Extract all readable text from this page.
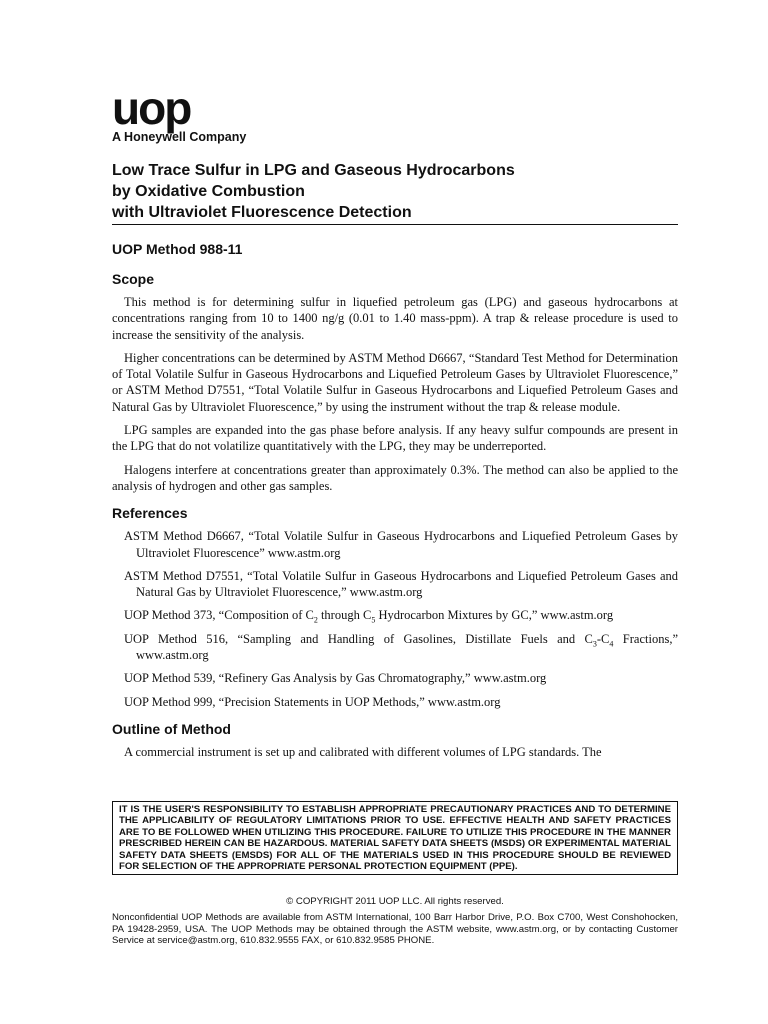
uop
A Honeywell Company
Low Trace Sulfur in LPG and Gaseous Hydrocarbons
by Oxidative Combustion
with Ultraviolet Fluorescence Detection
UOP Method 988-11
Scope

This method is for determining sulfur in liquefied petroleum gas (LPG) and gaseous hydrocarbons at concentrations ranging from 10 to 1400 ng/g (0.01 to 1.40 mass-ppm). A trap & release procedure is used to increase the sensitivity of the analysis.

Higher concentrations can be determined by ASTM Method D6667, “Standard Test Method for Determination of Total Volatile Sulfur in Gaseous Hydrocarbons and Liquefied Petroleum Gases by Ultraviolet Fluorescence,” or ASTM Method D7551, “Total Volatile Sulfur in Gaseous Hydrocarbons and Liquefied Petroleum Gases and Natural Gas by Ultraviolet Fluorescence,” by using the instrument without the trap & release module.

LPG samples are expanded into the gas phase before analysis. If any heavy sulfur compounds are present in the LPG that do not volatilize quantitatively with the LPG, they may be underreported.

Halogens interfere at concentrations greater than approximately 0.3%. The method can also be applied to the analysis of hydrogen and other gas samples.

References

ASTM Method D6667, “Total Volatile Sulfur in Gaseous Hydrocarbons and Liquefied Petroleum Gases by Ultraviolet Fluorescence” www.astm.org

ASTM Method D7551, “Total Volatile Sulfur in Gaseous Hydrocarbons and Liquefied Petroleum Gases and Natural Gas by Ultraviolet Fluorescence,” www.astm.org

UOP Method 373, “Composition of $C_2$ through $C_5$ Hydrocarbon Mixtures by GC,” www.astm.org

UOP Method 516, “Sampling and Handling of Gasolines, Distillate Fuels and $C_3-C_4$ Fractions,” www.astm.org

UOP Method 539, “Refinery Gas Analysis by Gas Chromatography,” www.astm.org

UOP Method 999, “Precision Statements in UOP Methods,” www.astm.org

Outline of Method

A commercial instrument is set up and calibrated with different volumes of LPG standards. The

IT IS THE USER'S RESPONSIBILITY TO ESTABLISH APPROPRIATE PRECAUTIONARY PRACTICES AND TO DETERMINE THE APPLICABILITY OF REGULATORY LIMITATIONS PRIOR TO USE. EFFECTIVE HEALTH AND SAFETY PRACTICES ARE TO BE FOLLOWED WHEN UTILIZING THIS PROCEDURE. FAILURE TO UTILIZE THIS PROCEDURE IN THE MANNER PRESCRIBED HEREIN CAN BE HAZARDOUS. MATERIAL SAFETY DATA SHEETS (MSDS) OR EXPERIMENTAL MATERIAL SAFETY DATA SHEETS (EMSDS) FOR ALL OF THE MATERIALS USED IN THIS PROCEDURE SHOULD BE REVIEWED FOR SELECTION OF THE APPROPRIATE PERSONAL PROTECTION EQUIPMENT (PPE).
© COPYRIGHT 2011 UOP LLC. All rights reserved.
Nonconfidential UOP Methods are available from ASTM International, 100 Barr Harbor Drive, P.O. Box C700, West Conshohocken, PA 19428-2959, USA. The UOP Methods may be obtained through the ASTM website, www.astm.org, or by contacting Customer Service at service@astm.org, 610.832.9555 FAX, or 610.832.9585 PHONE.
